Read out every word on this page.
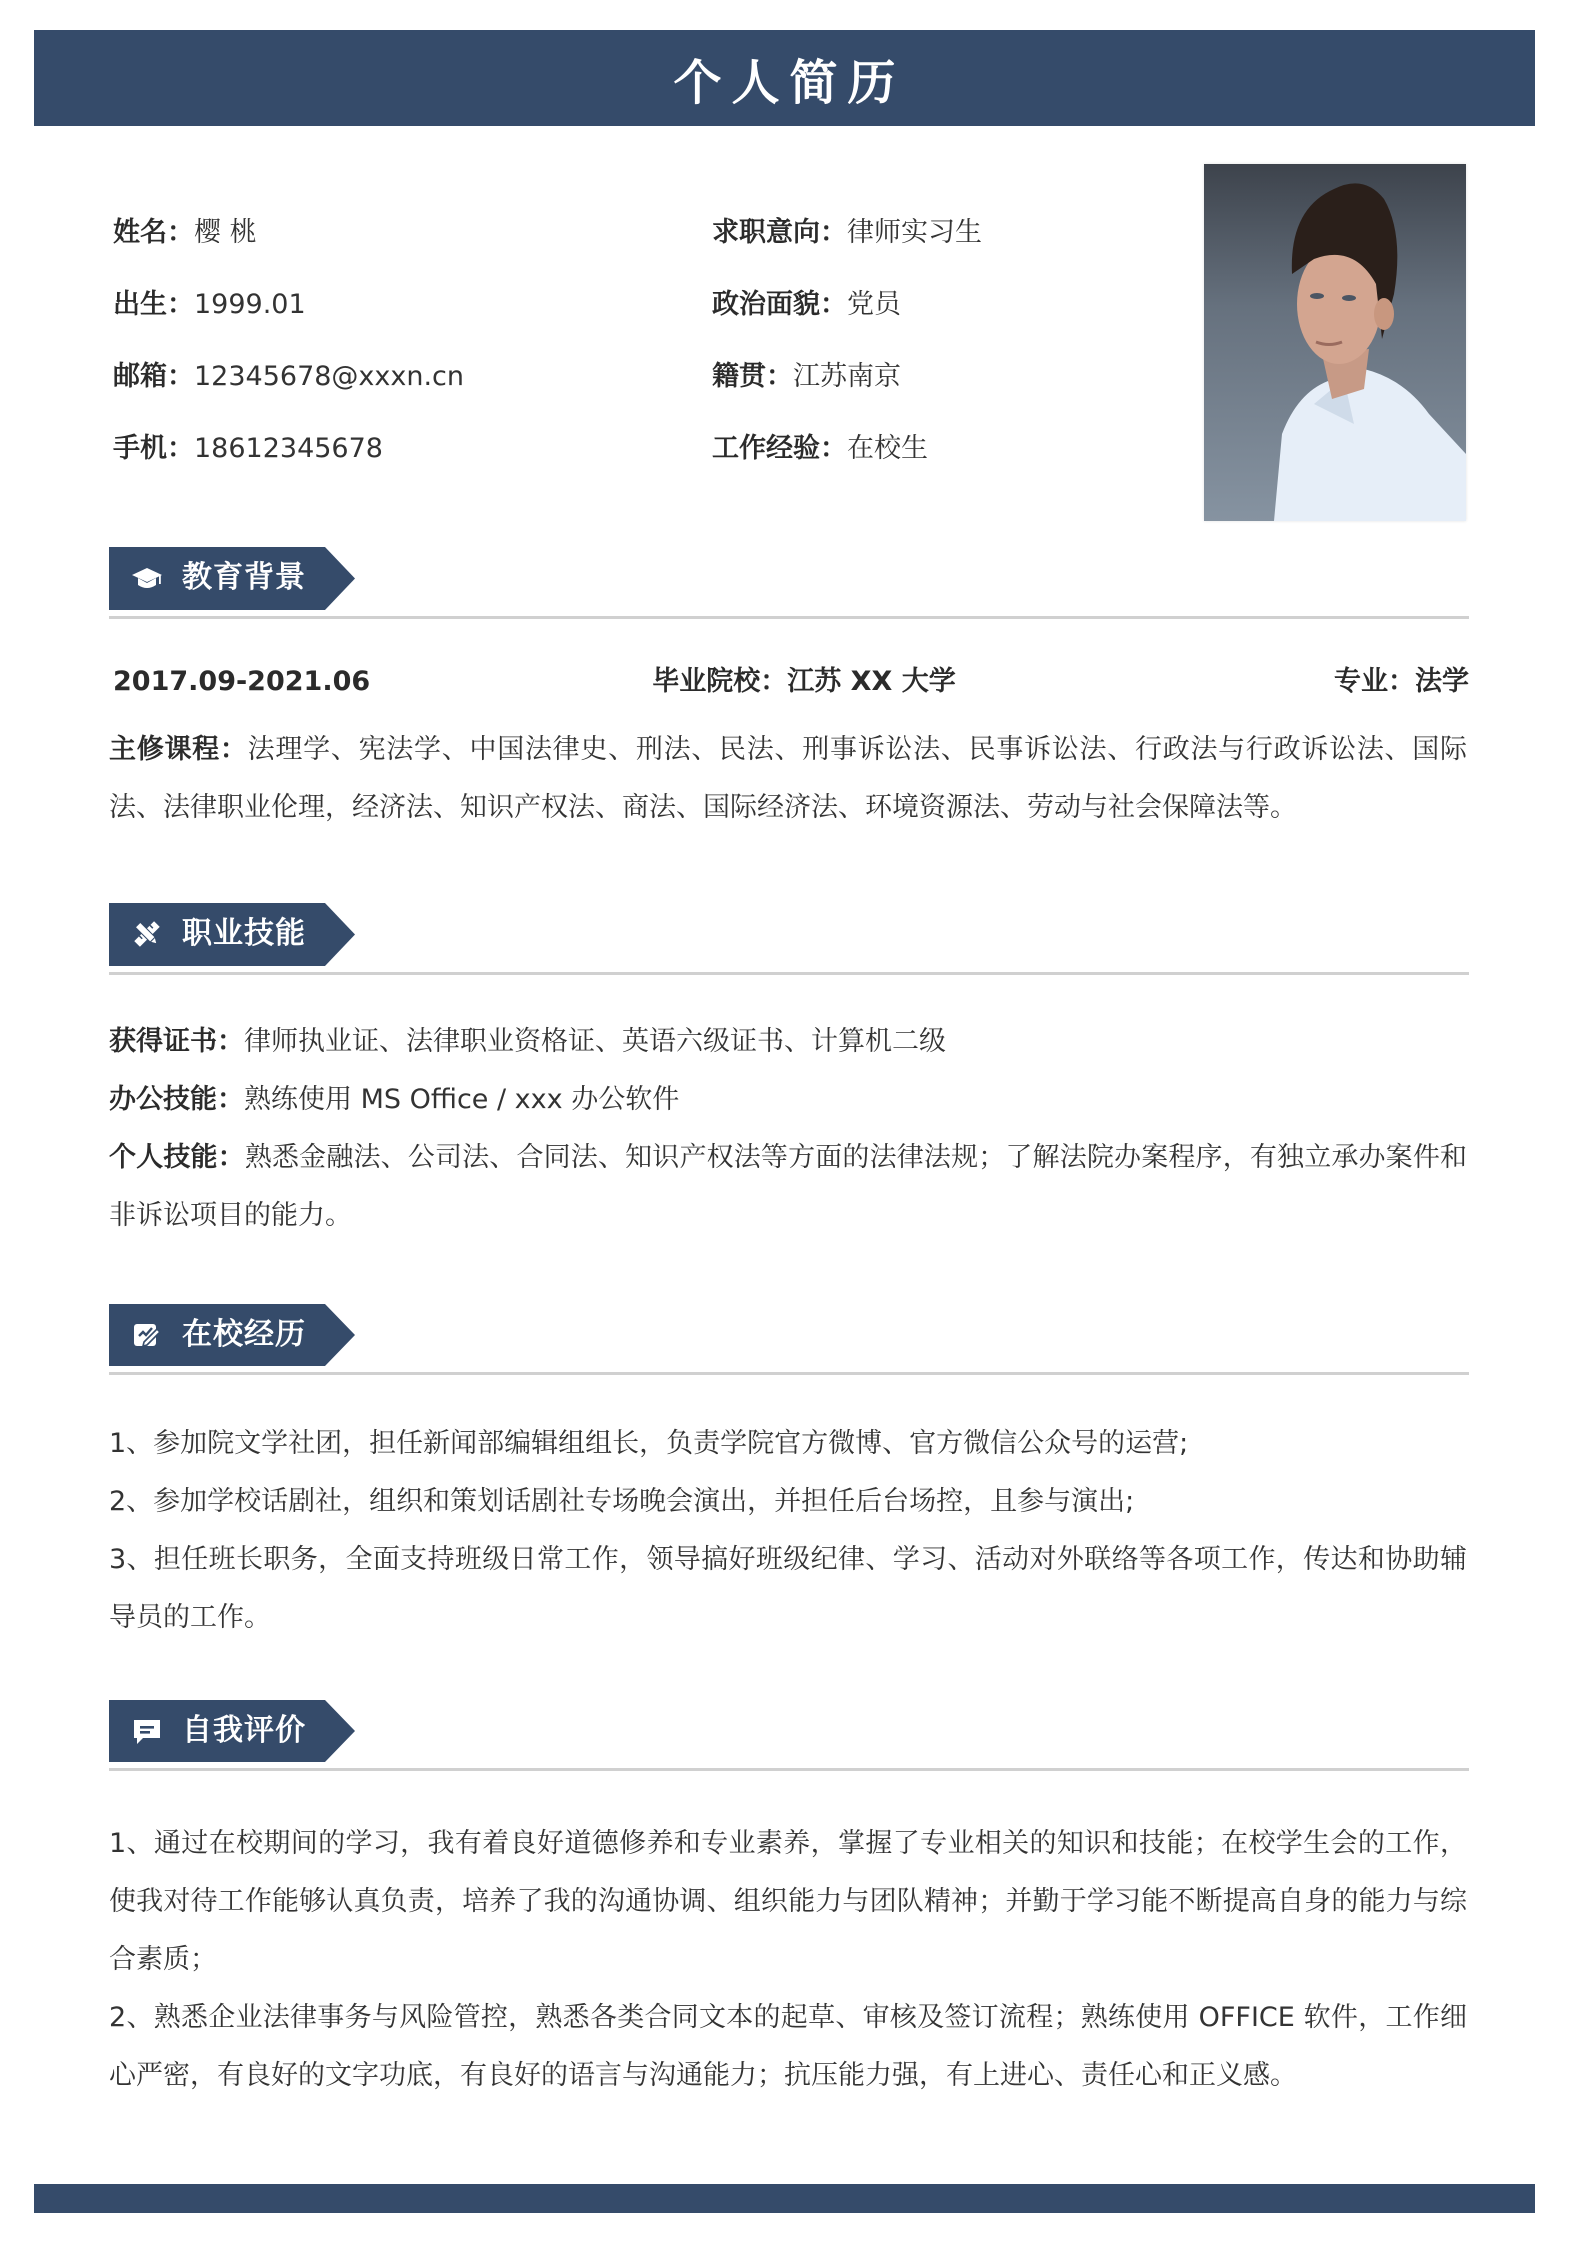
个人简历
姓名：樱 桃
出生：1999.01
邮箱：12345678@xxxn.cn
手机：18612345678
求职意向：律师实习生
政治面貌：党员
籍贯：江苏南京
工作经验：在校生
教育背景
2017.09-2021.06	毕业院校：江苏 XX 大学	专业：法学

主修课程：法理学、宪法学、中国法律史、刑法、民法、刑事诉讼法、民事诉讼法、行政法与行政诉讼法、国际法、法律职业伦理，经济法、知识产权法、商法、国际经济法、环境资源法、劳动与社会保障法等。

职业技能
获得证书：律师执业证、法律职业资格证、英语六级证书、计算机二级
办公技能：熟练使用 MS Office / xxx 办公软件

个人技能：熟悉金融法、公司法、合同法、知识产权法等方面的法律法规；了解法院办案程序，有独立承办案件和非诉讼项目的能力。

在校经历
1、参加院文学社团，担任新闻部编辑组组长，负责学院官方微博、官方微信公众号的运营;
2、参加学校话剧社，组织和策划话剧社专场晚会演出，并担任后台场控，且参与演出;

3、担任班长职务，全面支持班级日常工作，领导搞好班级纪律、学习、活动对外联络等各项工作，传达和协助辅导员的工作。

自我评价

1、通过在校期间的学习，我有着良好道德修养和专业素养，掌握了专业相关的知识和技能；在校学生会的工作，使我对待工作能够认真负责，培养了我的沟通协调、组织能力与团队精神；并勤于学习能不断提高自身的能力与综合素质；

2、熟悉企业法律事务与风险管控，熟悉各类合同文本的起草、审核及签订流程；熟练使用 OFFICE 软件，工作细心严密，有良好的文字功底，有良好的语言与沟通能力；抗压能力强，有上进心、责任心和正义感。
